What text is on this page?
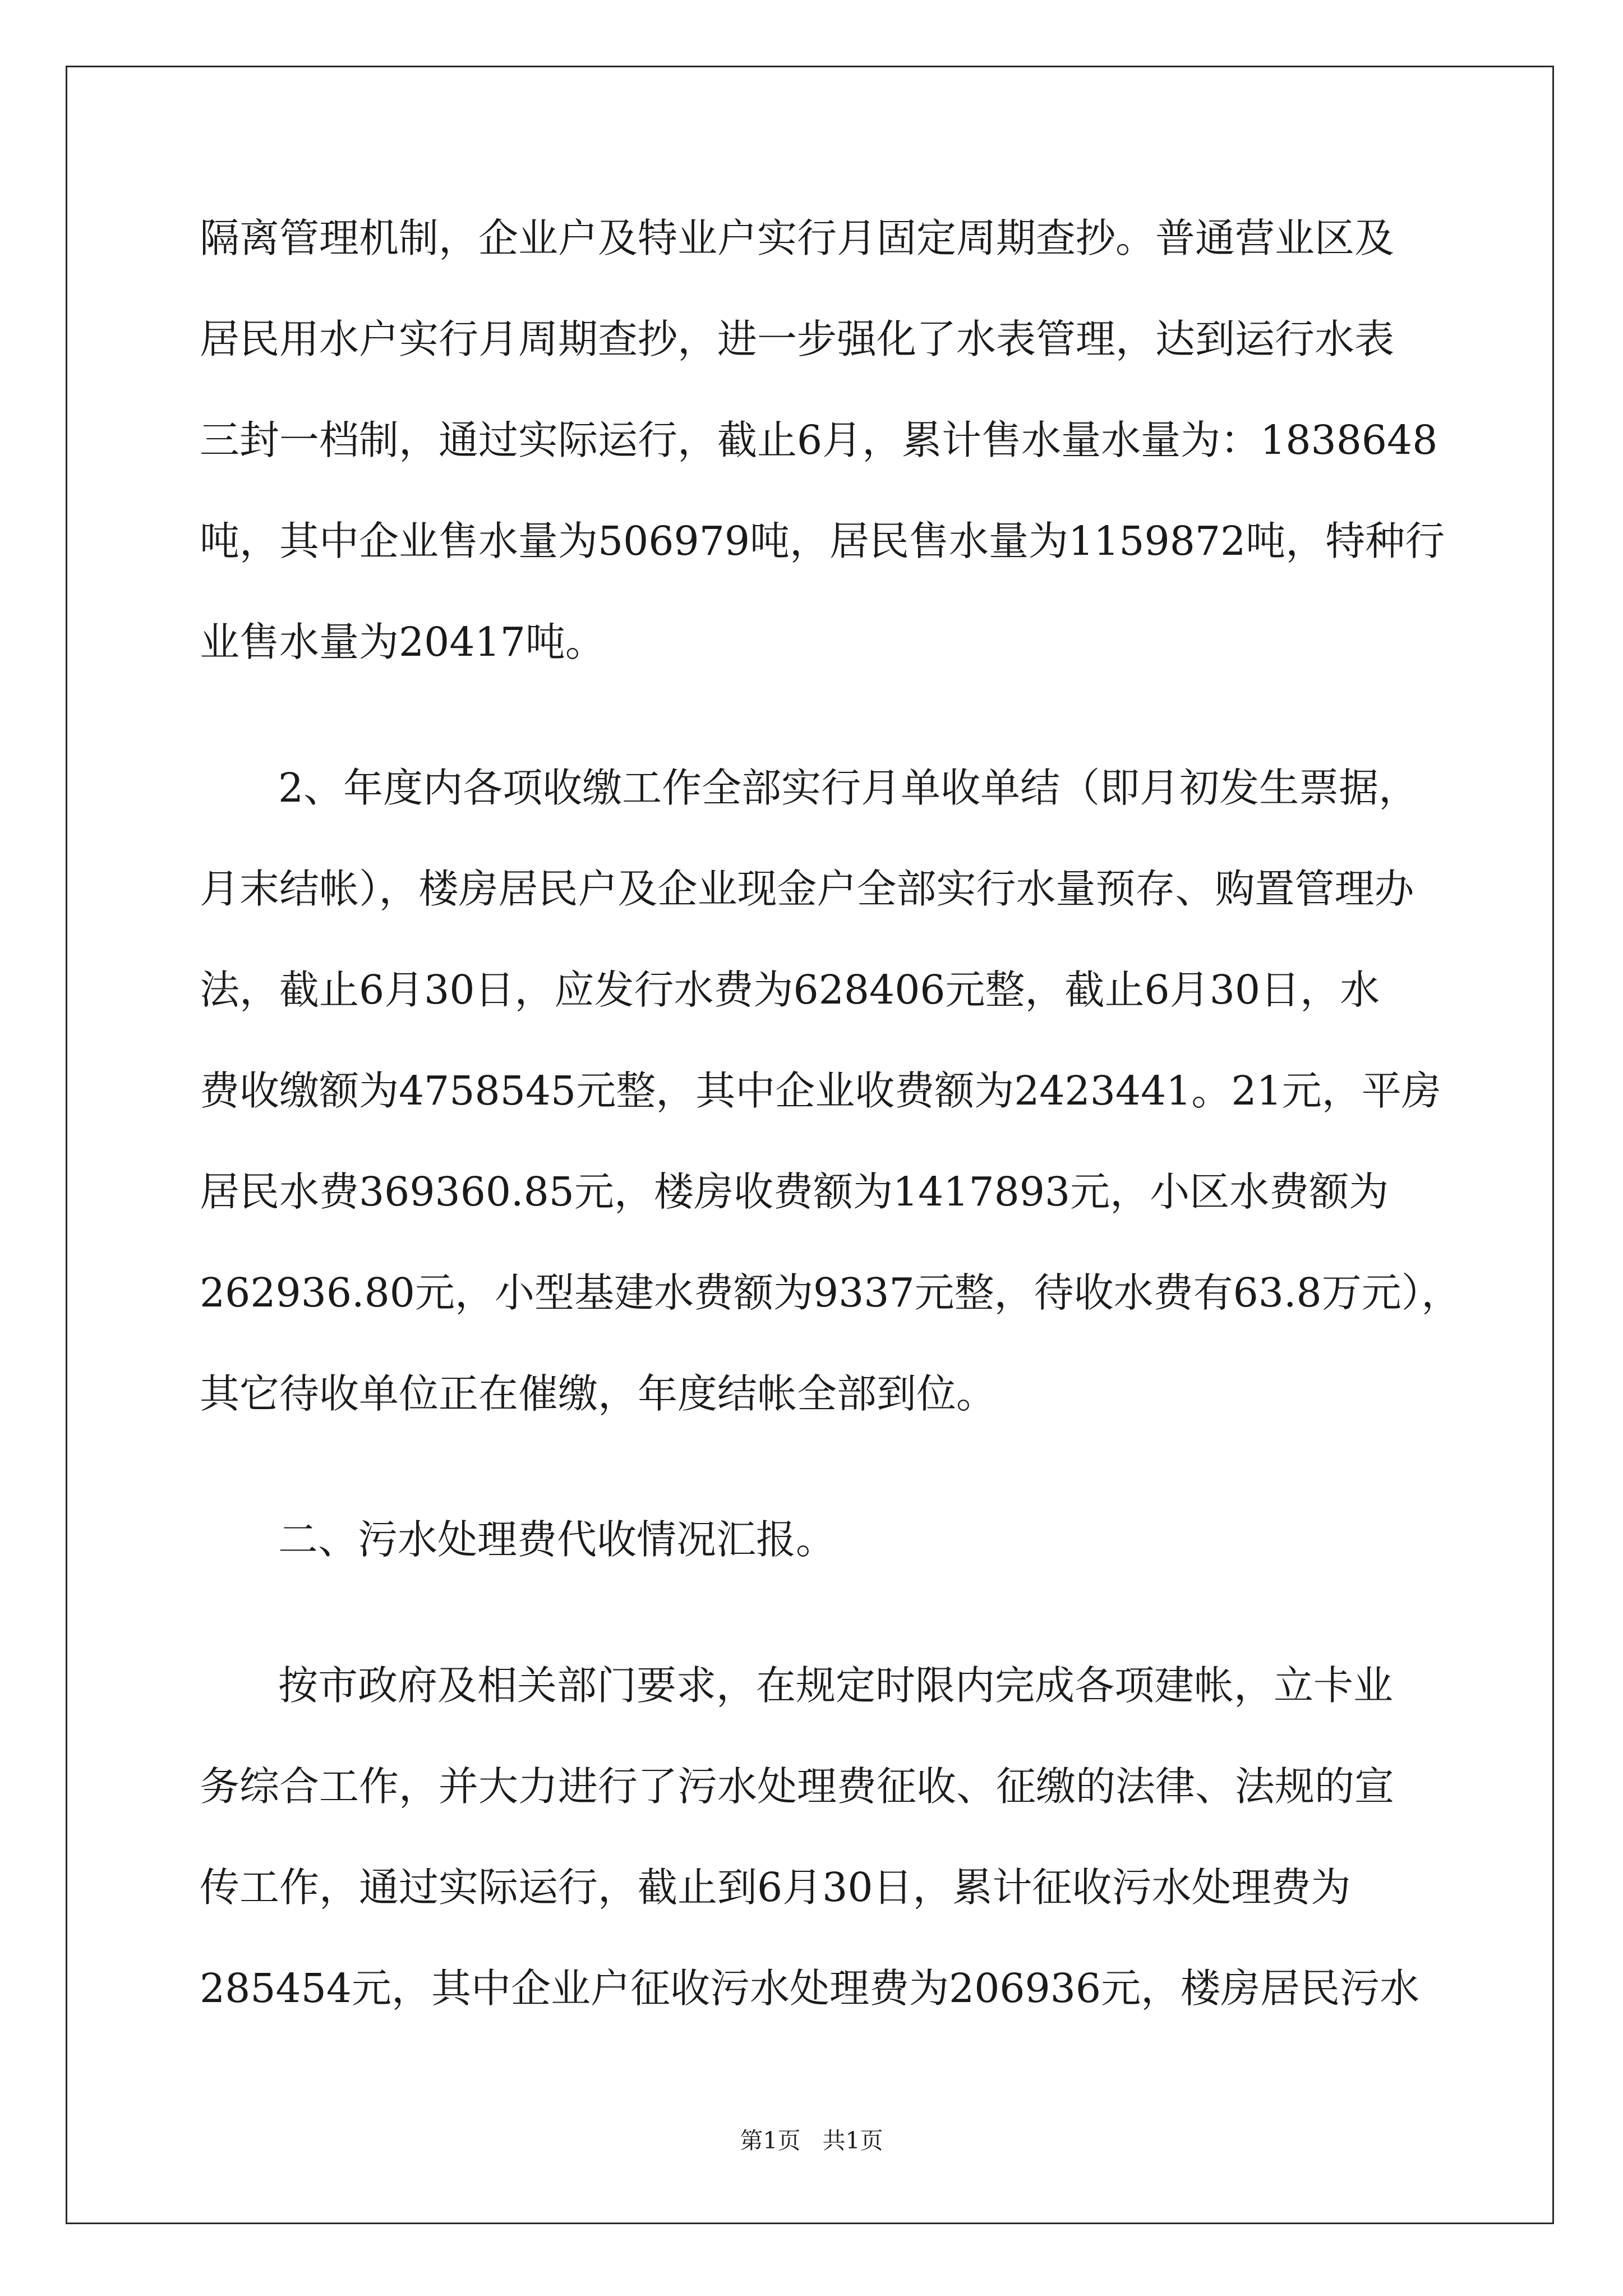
隔离管理机制，企业户及特业户实行月固定周期查抄。普通营业区及
居民用水户实行月周期查抄，进一步强化了水表管理，达到运行水表
三封一档制，通过实际运行，截止6月，累计售水量水量为：1838648
吨，其中企业售水量为506979吨，居民售水量为1159872吨，特种行
业售水量为20417吨。
2、年度内各项收缴工作全部实行月单收单结（即月初发生票据，
月末结帐），楼房居民户及企业现金户全部实行水量预存、购置管理办
法，截止6月30日，应发行水费为628406元整，截止6月30日，水
费收缴额为4758545元整，其中企业收费额为2423441。21元，平房
居民水费369360.85元，楼房收费额为1417893元，小区水费额为
262936.80元，小型基建水费额为9337元整，待收水费有63.8万元），
其它待收单位正在催缴，年度结帐全部到位。
二、污水处理费代收情况汇报。
按市政府及相关部门要求，在规定时限内完成各项建帐，立卡业
务综合工作，并大力进行了污水处理费征收、征缴的法律、法规的宣
传工作，通过实际运行，截止到6月30日，累计征收污水处理费为
285454元，其中企业户征收污水处理费为206936元，楼房居民污水
第1页   共1页
